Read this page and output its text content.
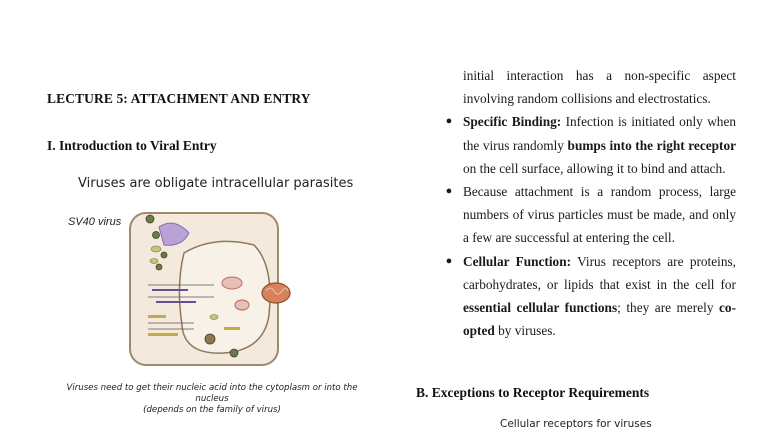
LECTURE 5: ATTACHMENT AND ENTRY
I. Introduction to Viral Entry
Viruses are obligate intracellular parasites
SV40 virus
Viruses need to get their nucleic acid into the cytoplasm or into the nucleus
(depends on the family of virus)
initial interaction has a non-specific aspect involving random collisions and electrostatics.
● Specific Binding: Infection is initiated only when the virus randomly bumps into the right receptor on the cell surface, allowing it to bind and attach.
● Because attachment is a random process, large numbers of virus particles must be made, and only a few are successful at entering the cell.
● Cellular Function: Virus receptors are proteins, carbohydrates, or lipids that exist in the cell for essential cellular functions; they are merely co-opted by viruses.
B. Exceptions to Receptor Requirements
Cellular receptors for viruses
